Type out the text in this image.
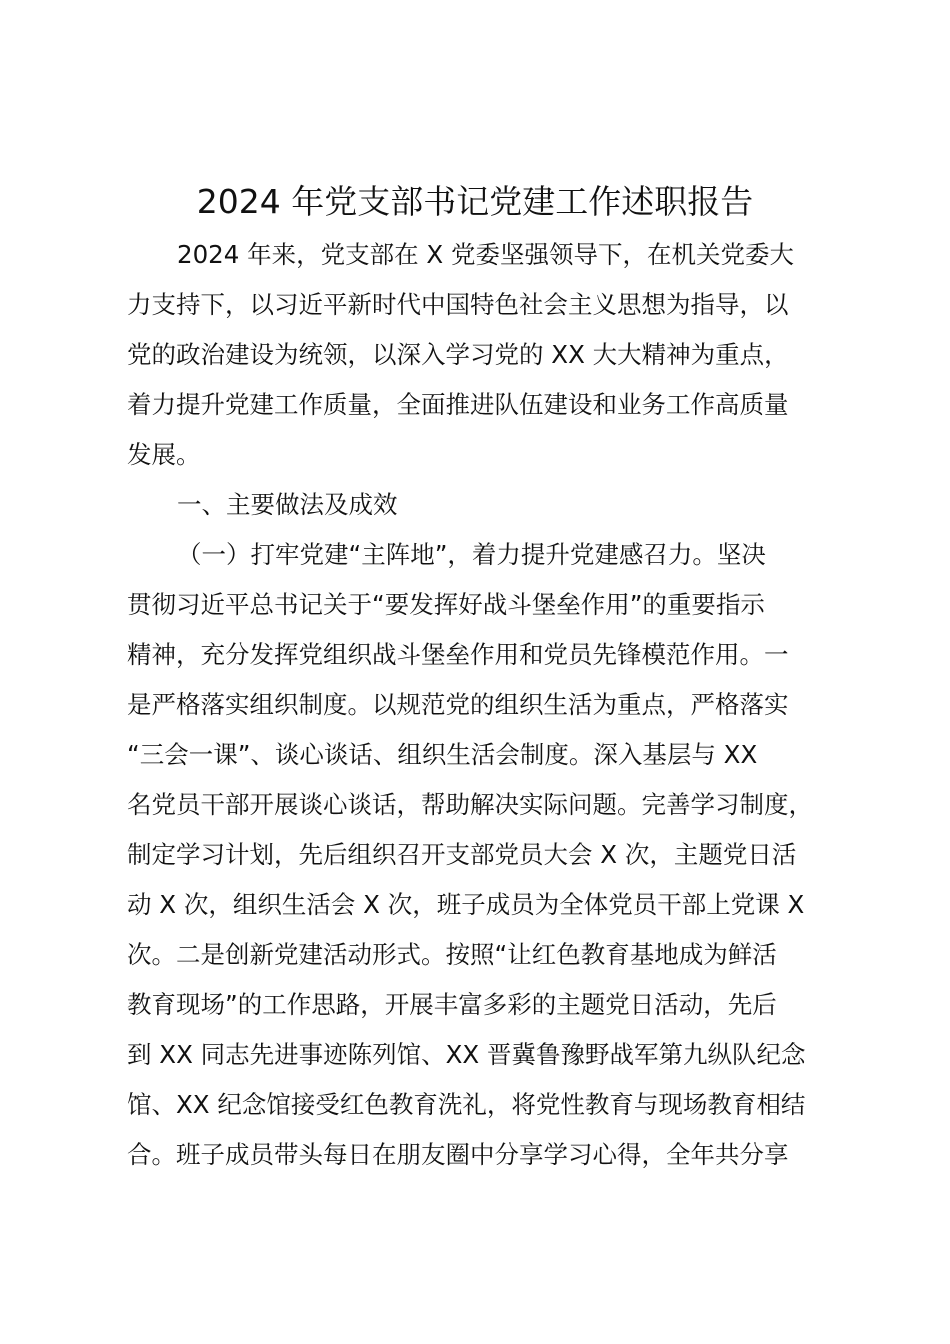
2024 年党支部书记党建工作述职报告
2024 年来，党支部在 X 党委坚强领导下，在机关党委大
力支持下，以习近平新时代中国特色社会主义思想为指导，以
党的政治建设为统领，以深入学习党的 XX 大大精神为重点，
着力提升党建工作质量，全面推进队伍建设和业务工作高质量
发展。
一、主要做法及成效
（一）打牢党建“主阵地”，着力提升党建感召力。坚决
贯彻习近平总书记关于“要发挥好战斗堡垒作用”的重要指示
精神，充分发挥党组织战斗堡垒作用和党员先锋模范作用。一
是严格落实组织制度。以规范党的组织生活为重点，严格落实
“三会一课”、谈心谈话、组织生活会制度。深入基层与 XX
名党员干部开展谈心谈话，帮助解决实际问题。完善学习制度，
制定学习计划，先后组织召开支部党员大会 X 次，主题党日活
动 X 次，组织生活会 X 次，班子成员为全体党员干部上党课 X
次。二是创新党建活动形式。按照“让红色教育基地成为鲜活
教育现场”的工作思路，开展丰富多彩的主题党日活动，先后
到 XX 同志先进事迹陈列馆、XX 晋冀鲁豫野战军第九纵队纪念
馆、XX 纪念馆接受红色教育洗礼，将党性教育与现场教育相结
合。班子成员带头每日在朋友圈中分享学习心得，全年共分享
